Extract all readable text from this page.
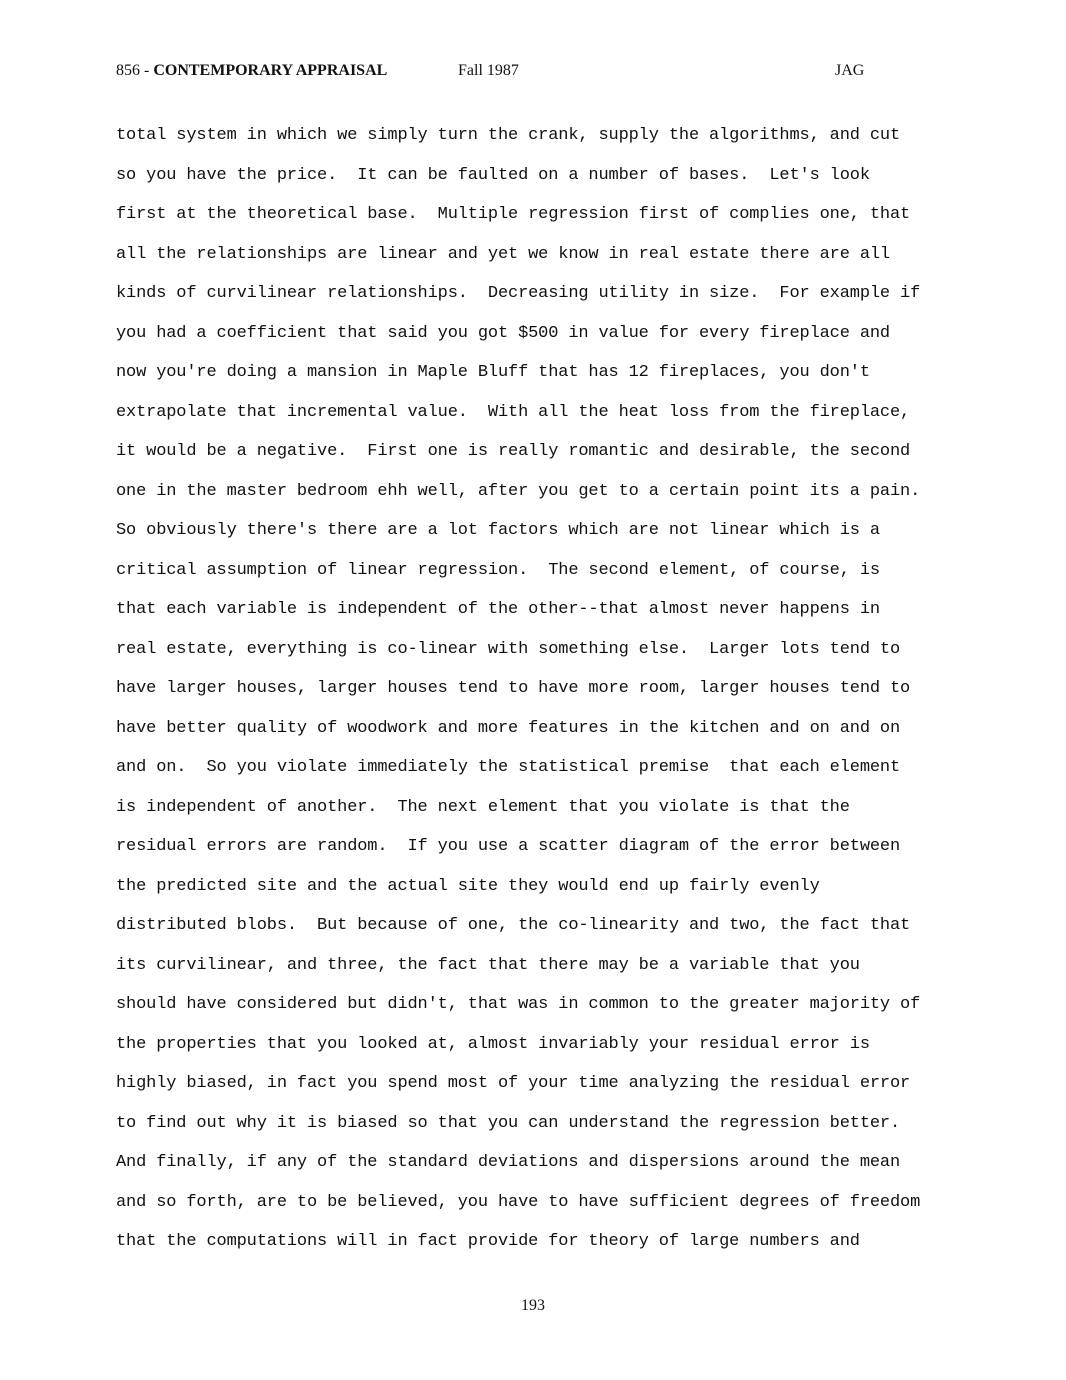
856 - CONTEMPORARY APPRAISAL	Fall 1987	JAG
total system in which we simply turn the crank, supply the algorithms, and cut
so you have the price.  It can be faulted on a number of bases.  Let's look
first at the theoretical base.  Multiple regression first of complies one, that
all the relationships are linear and yet we know in real estate there are all
kinds of curvilinear relationships.  Decreasing utility in size.  For example if
you had a coefficient that said you got $500 in value for every fireplace and
now you're doing a mansion in Maple Bluff that has 12 fireplaces, you don't
extrapolate that incremental value.  With all the heat loss from the fireplace,
it would be a negative.  First one is really romantic and desirable, the second
one in the master bedroom ehh well, after you get to a certain point its a pain.
So obviously there's there are a lot factors which are not linear which is a
critical assumption of linear regression.  The second element, of course, is
that each variable is independent of the other--that almost never happens in
real estate, everything is co-linear with something else.  Larger lots tend to
have larger houses, larger houses tend to have more room, larger houses tend to
have better quality of woodwork and more features in the kitchen and on and on
and on.  So you violate immediately the statistical premise  that each element
is independent of another.  The next element that you violate is that the
residual errors are random.  If you use a scatter diagram of the error between
the predicted site and the actual site they would end up fairly evenly
distributed blobs.  But because of one, the co-linearity and two, the fact that
its curvilinear, and three, the fact that there may be a variable that you
should have considered but didn't, that was in common to the greater majority of
the properties that you looked at, almost invariably your residual error is
highly biased, in fact you spend most of your time analyzing the residual error
to find out why it is biased so that you can understand the regression better.
And finally, if any of the standard deviations and dispersions around the mean
and so forth, are to be believed, you have to have sufficient degrees of freedom
that the computations will in fact provide for theory of large numbers and
193
